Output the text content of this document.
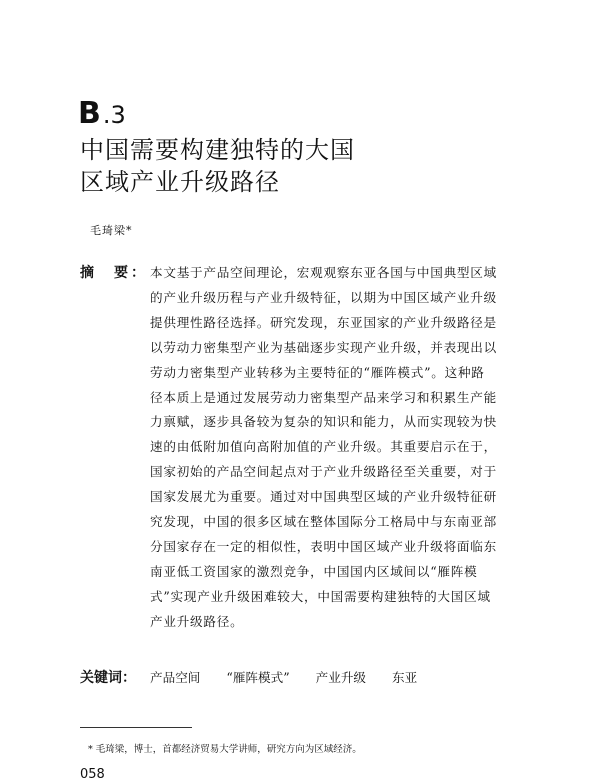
B .3
中国需要构建独特的大国
区域产业升级路径
毛琦梁*
摘　要： 本文基于产品空间理论，宏观观察东亚各国与中国典型区域
的产业升级历程与产业升级特征，以期为中国区域产业升级
提供理性路径选择。研究发现，东亚国家的产业升级路径是
以劳动力密集型产业为基础逐步实现产业升级，并表现出以
劳动力密集型产业转移为主要特征的“雁阵模式”。这种路
径本质上是通过发展劳动力密集型产品来学习和积累生产能
力禀赋，逐步具备较为复杂的知识和能力，从而实现较为快
速的由低附加值向高附加值的产业升级。其重要启示在于，
国家初始的产品空间起点对于产业升级路径至关重要，对于
国家发展尤为重要。通过对中国典型区域的产业升级特征研
究发现，中国的很多区域在整体国际分工格局中与东南亚部
分国家存在一定的相似性，表明中国区域产业升级将面临东
南亚低工资国家的激烈竞争，中国国内区域间以“雁阵模
式”实现产业升级困难较大，中国需要构建独特的大国区域
产业升级路径。
关键词： 产品空间 “雁阵模式” 产业升级 东亚
* 毛琦梁，博士，首都经济贸易大学讲师，研究方向为区域经济。
058
